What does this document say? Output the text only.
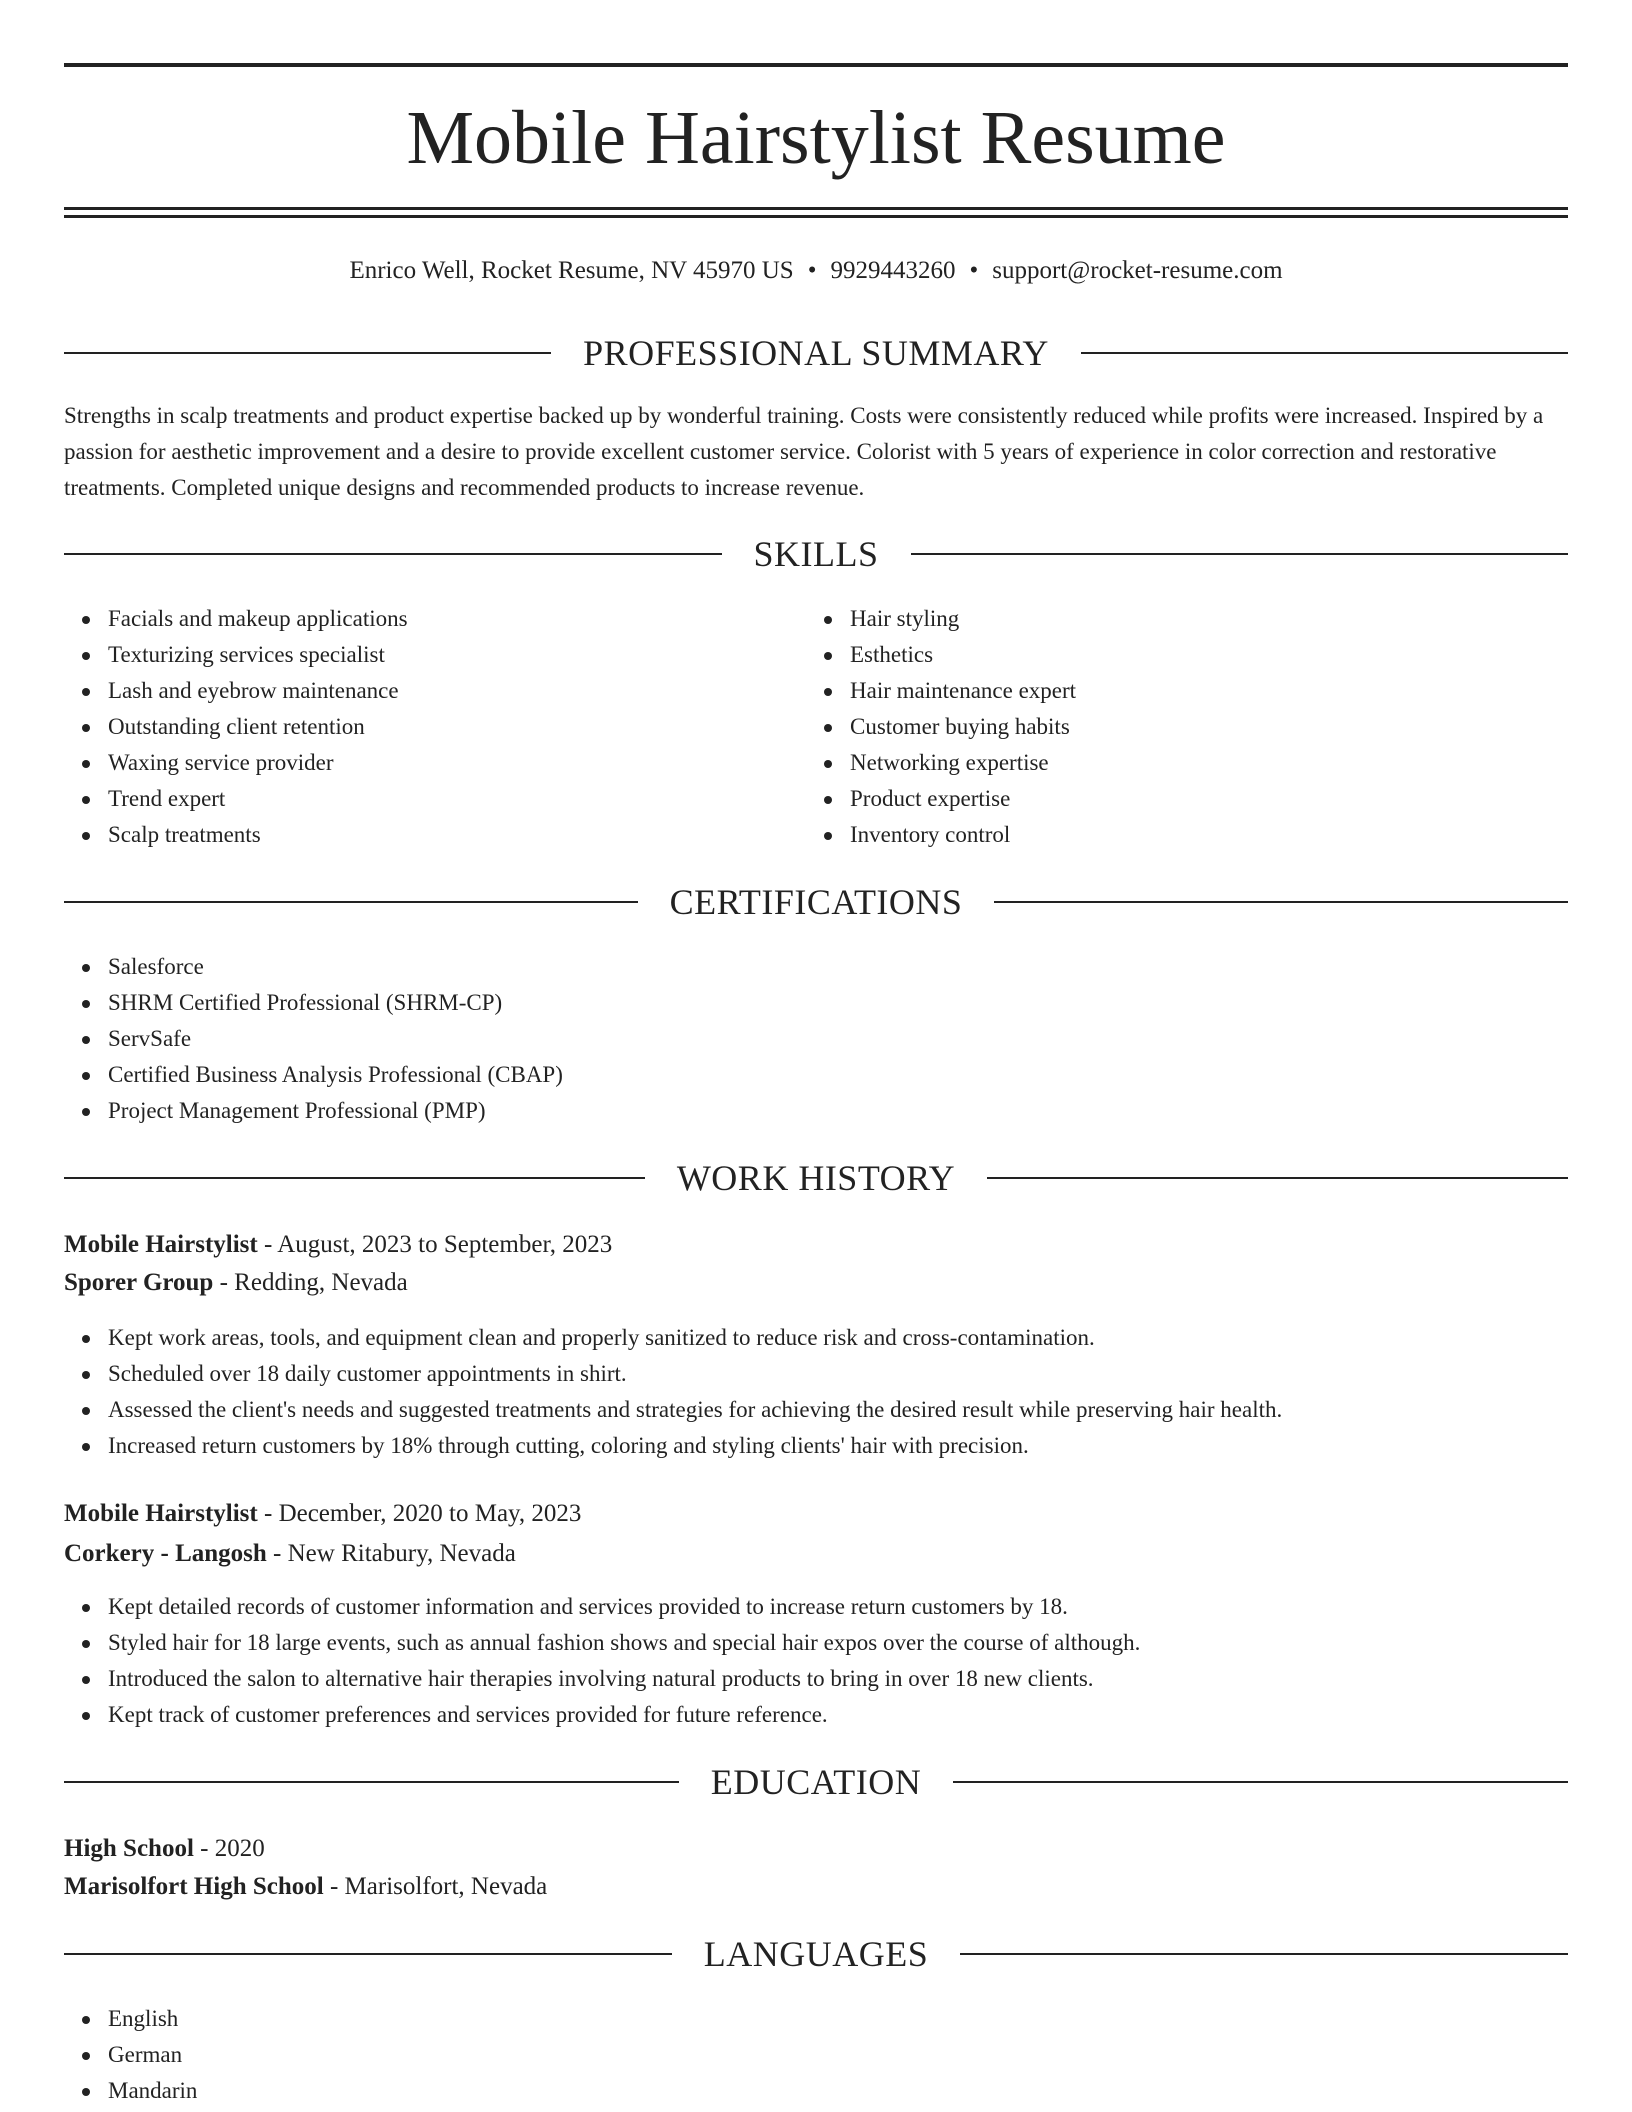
Mobile Hairstylist Resume
Enrico Well, Rocket Resume, NV 45970 US • 9929443260 • support@rocket-resume.com
PROFESSIONAL SUMMARY

Strengths in scalp treatments and product expertise backed up by wonderful training. Costs were consistently reduced while profits were increased. Inspired by a passion for aesthetic improvement and a desire to provide excellent customer service. Colorist with 5 years of experience in color correction and restorative treatments. Completed unique designs and recommended products to increase revenue.

SKILLS
Facials and makeup applications
Texturizing services specialist
Lash and eyebrow maintenance
Outstanding client retention
Waxing service provider
Trend expert
Scalp treatments
Hair styling
Esthetics
Hair maintenance expert
Customer buying habits
Networking expertise
Product expertise
Inventory control
CERTIFICATIONS
Salesforce
SHRM Certified Professional (SHRM-CP)
ServSafe
Certified Business Analysis Professional (CBAP)
Project Management Professional (PMP)
WORK HISTORY
Mobile Hairstylist - August, 2023 to September, 2023
Sporer Group - Redding, Nevada
Kept work areas, tools, and equipment clean and properly sanitized to reduce risk and cross-contamination.
Scheduled over 18 daily customer appointments in shirt.
Assessed the client's needs and suggested treatments and strategies for achieving the desired result while preserving hair health.
Increased return customers by 18% through cutting, coloring and styling clients' hair with precision.
Mobile Hairstylist - December, 2020 to May, 2023
Corkery - Langosh - New Ritabury, Nevada
Kept detailed records of customer information and services provided to increase return customers by 18.
Styled hair for 18 large events, such as annual fashion shows and special hair expos over the course of although.
Introduced the salon to alternative hair therapies involving natural products to bring in over 18 new clients.
Kept track of customer preferences and services provided for future reference.
EDUCATION
High School - 2020
Marisolfort High School - Marisolfort, Nevada
LANGUAGES
English
German
Mandarin
